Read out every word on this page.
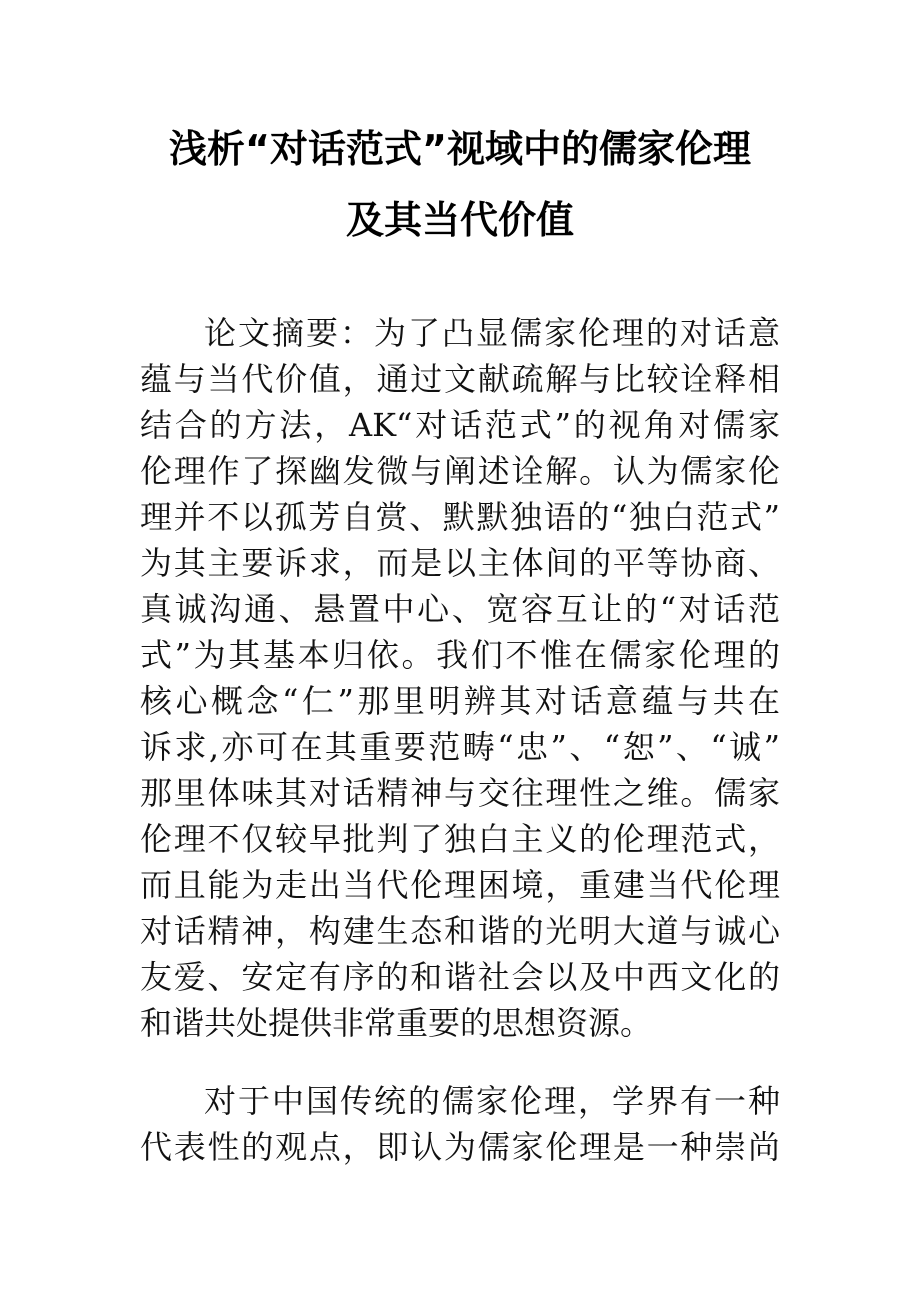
浅析“对话范式”视域中的儒家伦理
及其当代价值
论文摘要：为了凸显儒家伦理的对话意
蕴与当代价值，通过文献疏解与比较诠释相
结合的方法，AK“对话范式”的视角对儒家
伦理作了探幽发微与阐述诠解。认为儒家伦
理并不以孤芳自赏、默默独语的“独白范式”
为其主要诉求，而是以主体间的平等协商、
真诚沟通、悬置中心、宽容互让的“对话范
式”为其基本归依。我们不惟在儒家伦理的
核心概念“仁”那里明辨其对话意蕴与共在
诉求,亦可在其重要范畴“忠”、“恕”、“诚”
那里体味其对话精神与交往理性之维。儒家
伦理不仅较早批判了独白主义的伦理范式，
而且能为走出当代伦理困境，重建当代伦理
对话精神，构建生态和谐的光明大道与诚心
友爱、安定有序的和谐社会以及中西文化的
和谐共处提供非常重要的思想资源。
对于中国传统的儒家伦理，学界有一种
代表性的观点，即认为儒家伦理是一种崇尚
